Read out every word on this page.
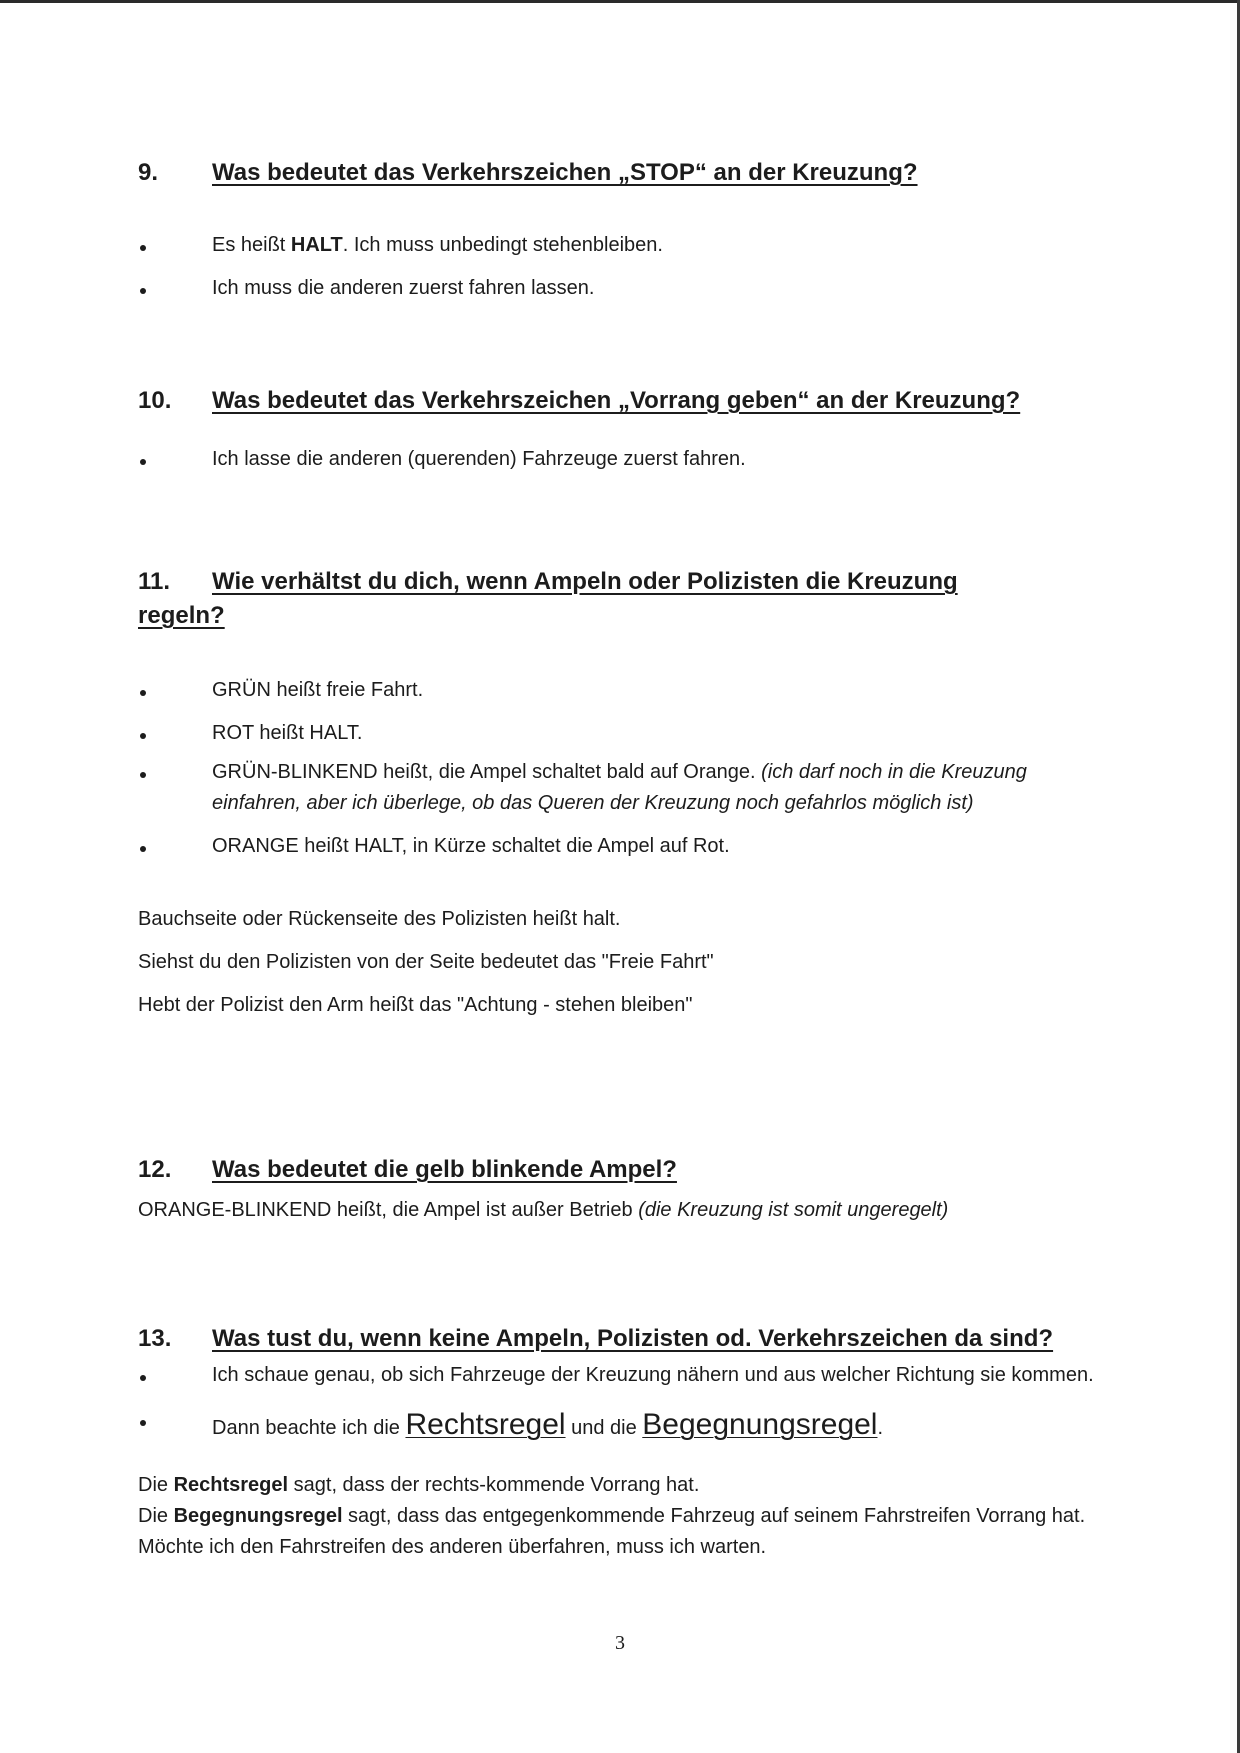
9. Was bedeutet das Verkehrszeichen „STOP“ an der Kreuzung?
Es heißt HALT. Ich muss unbedingt stehenbleiben.
Ich muss die anderen zuerst fahren lassen.
10. Was bedeutet das Verkehrszeichen „Vorrang geben“ an der Kreuzung?
Ich lasse die anderen (querenden) Fahrzeuge zuerst fahren.
11. Wie verhältst du dich, wenn Ampeln oder Polizisten die Kreuzung
regeln?
GRÜN heißt freie Fahrt.
ROT heißt HALT.
GRÜN-BLINKEND heißt, die Ampel schaltet bald auf Orange. (ich darf noch in die Kreuzung einfahren, aber ich überlege, ob das Queren der Kreuzung noch gefahrlos möglich ist)
ORANGE heißt HALT, in Kürze schaltet die Ampel auf Rot.

Bauchseite oder Rückenseite des Polizisten heißt halt.

Siehst du den Polizisten von der Seite bedeutet das "Freie Fahrt"

Hebt der Polizist den Arm heißt das "Achtung - stehen bleiben"

12. Was bedeutet die gelb blinkende Ampel?

ORANGE-BLINKEND heißt, die Ampel ist außer Betrieb (die Kreuzung ist somit ungeregelt)

13. Was tust du, wenn keine Ampeln, Polizisten od. Verkehrszeichen da sind?
Ich schaue genau, ob sich Fahrzeuge der Kreuzung nähern und aus welcher Richtung sie kommen.
Dann beachte ich die Rechtsregel und die Begegnungsregel.

Die Rechtsregel sagt, dass der rechts-kommende Vorrang hat.

Die Begegnungsregel sagt, dass das entgegenkommende Fahrzeug auf seinem Fahrstreifen Vorrang hat. Möchte ich den Fahrstreifen des anderen überfahren, muss ich warten.

3
